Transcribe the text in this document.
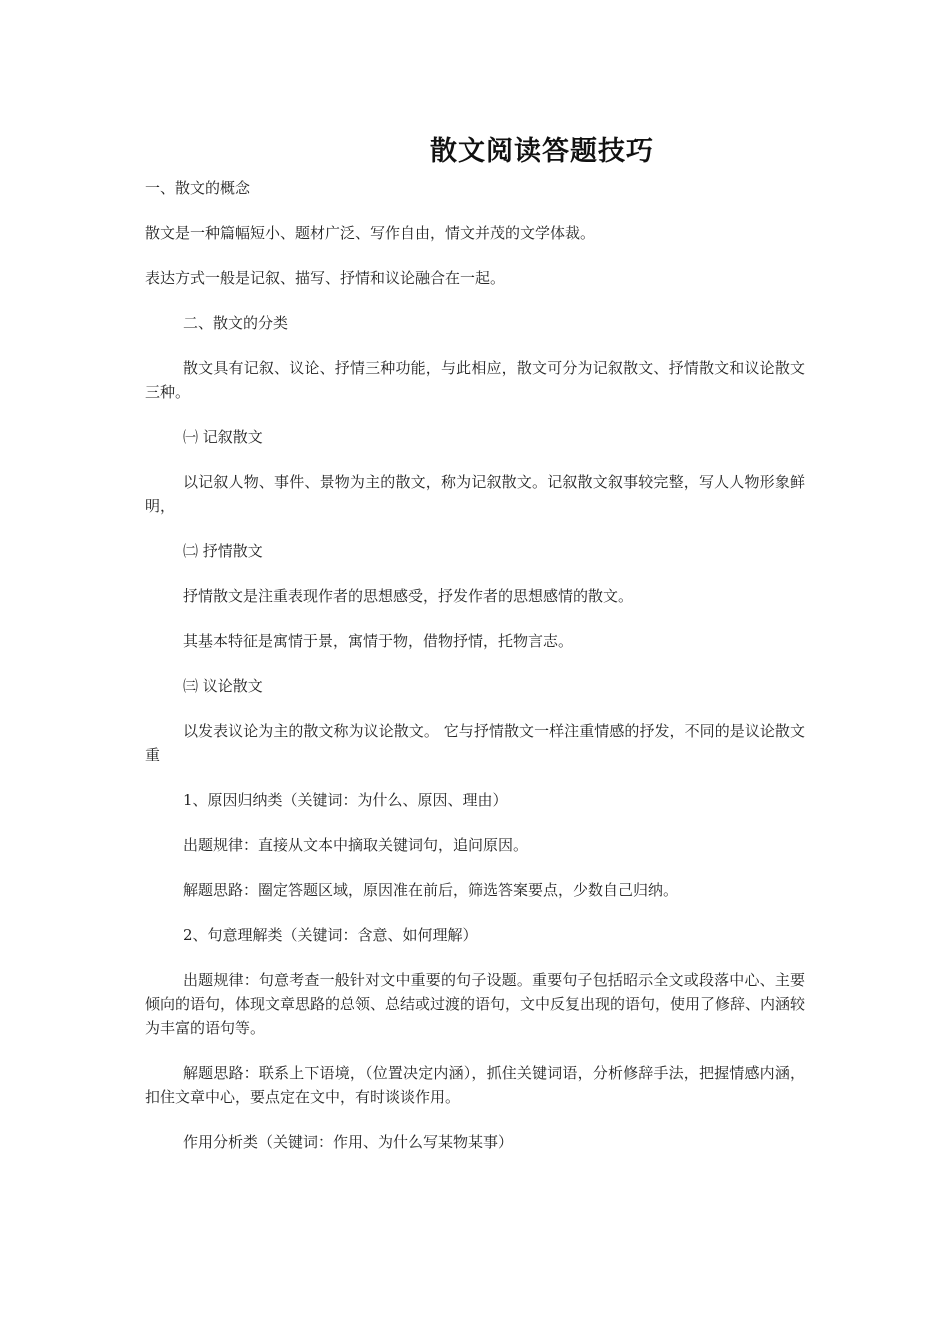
散文阅读答题技巧

一、散文的概念

散文是一种篇幅短小、题材广泛、写作自由，情文并茂的文学体裁。

表达方式一般是记叙、描写、抒情和议论融合在一起。

二、散文的分类

散文具有记叙、议论、抒情三种功能，与此相应，散文可分为记叙散文、抒情散文和议论散文三种。

㈠ 记叙散文

以记叙人物、事件、景物为主的散文，称为记叙散文。记叙散文叙事较完整，写人人物形象鲜明，

㈡ 抒情散文

抒情散文是注重表现作者的思想感受，抒发作者的思想感情的散文。

其基本特征是寓情于景，寓情于物，借物抒情，托物言志。

㈢ 议论散文

以发表议论为主的散文称为议论散文。 它与抒情散文一样注重情感的抒发，不同的是议论散文重

1、原因归纳类（关键词：为什么、原因、理由）

出题规律：直接从文本中摘取关键词句，追问原因。

解题思路：圈定答题区域，原因准在前后，筛选答案要点，少数自己归纳。

2、句意理解类（关键词：含意、如何理解）

出题规律：句意考查一般针对文中重要的句子设题。重要句子包括昭示全文或段落中心、主要倾向的语句，体现文章思路的总领、总结或过渡的语句，文中反复出现的语句，使用了修辞、内涵较为丰富的语句等。

解题思路：联系上下语境，（位置决定内涵），抓住关键词语，分析修辞手法，把握情感内涵，扣住文章中心，要点定在文中，有时谈谈作用。

作用分析类（关键词：作用、为什么写某物某事）
